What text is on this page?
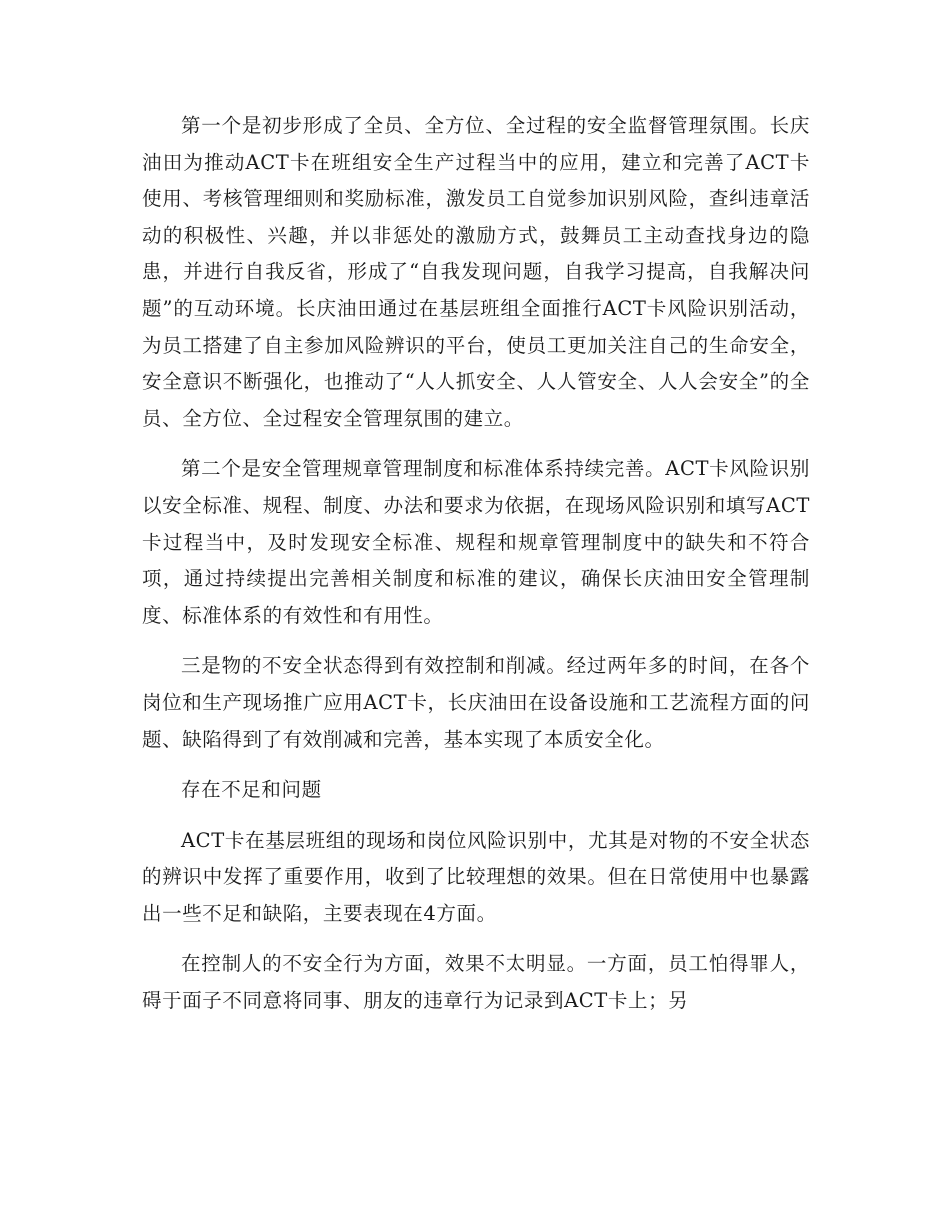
第一个是初步形成了全员、全方位、全过程的安全监督管理氛围。长庆油田为推动ACT卡在班组安全生产过程当中的应用，建立和完善了ACT卡使用、考核管理细则和奖励标准，激发员工自觉参加识别风险，查纠违章活动的积极性、兴趣，并以非惩处的激励方式，鼓舞员工主动查找身边的隐患，并进行自我反省，形成了“自我发现问题，自我学习提高，自我解决问题”的互动环境。长庆油田通过在基层班组全面推行ACT卡风险识别活动，为员工搭建了自主参加风险辨识的平台，使员工更加关注自己的生命安全，安全意识不断强化，也推动了“人人抓安全、人人管安全、人人会安全”的全员、全方位、全过程安全管理氛围的建立。

第二个是安全管理规章管理制度和标准体系持续完善。ACT卡风险识别以安全标准、规程、制度、办法和要求为依据，在现场风险识别和填写ACT卡过程当中，及时发现安全标准、规程和规章管理制度中的缺失和不符合项，通过持续提出完善相关制度和标准的建议，确保长庆油田安全管理制度、标准体系的有效性和有用性。

三是物的不安全状态得到有效控制和削减。经过两年多的时间，在各个岗位和生产现场推广应用ACT卡，长庆油田在设备设施和工艺流程方面的问题、缺陷得到了有效削减和完善，基本实现了本质安全化。

存在不足和问题

ACT卡在基层班组的现场和岗位风险识别中，尤其是对物的不安全状态的辨识中发挥了重要作用，收到了比较理想的效果。但在日常使用中也暴露出一些不足和缺陷，主要表现在4方面。

在控制人的不安全行为方面，效果不太明显。一方面，员工怕得罪人，碍于面子不同意将同事、朋友的违章行为记录到ACT卡上；另
